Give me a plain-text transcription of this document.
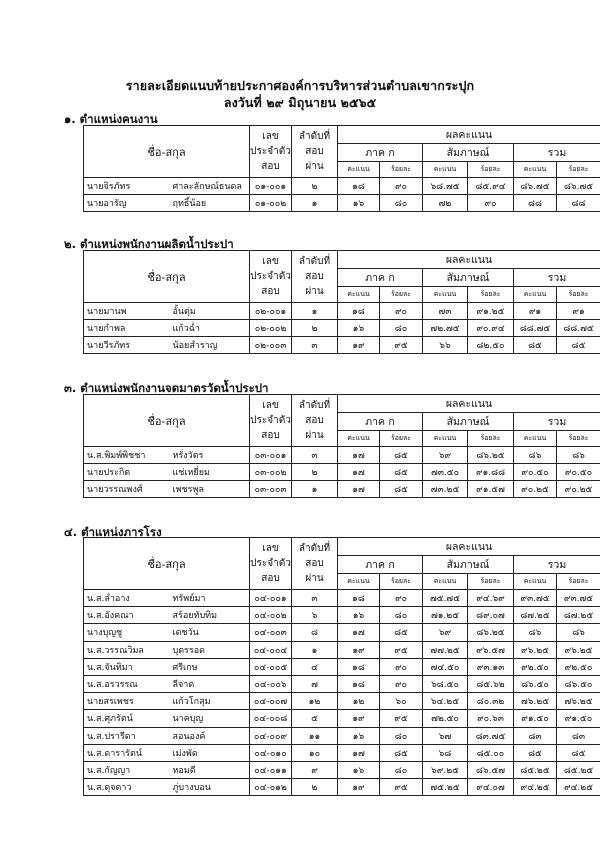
รายละเอียดแนบท้ายประกาศองค์การบริหารส่วนตำบลเขากระปุก
ลงวันที่ ๒๙ มิถุนายน ๒๕๖๕
๑. ตำแหน่งคนงาน
ชื่อ-สกุล		เลข
ประจำตัว
สอบ	ลำดับที่
สอบ
ผ่าน	ผลคะแนน					
				ภาค ก		สัมภาษณ์		รวม	
				คะแนน	ร้อยละ	คะแนน	ร้อยละ	คะแนน	ร้อยละ
นายจิรภัทร	ศาละลักษณ์ธนดล	๐๑-๐๐๑	๒	๑๘	๙๐	๖๘.๗๕	๘๕.๙๔	๘๖.๗๕	๘๖.๗๕
นายอารัญ	ฤทธิ์น้อย	๐๑-๐๐๒	๑	๑๖	๘๐	๗๒	๙๐	๘๘	๘๘
๒. ตำแหน่งพนักงานผลิตน้ำประปา
ชื่อ-สกุล		เลข
ประจำตัว
สอบ	ลำดับที่
สอบ
ผ่าน	ผลคะแนน					
				ภาค ก		สัมภาษณ์		รวม	
				คะแนน	ร้อยละ	คะแนน	ร้อยละ	คะแนน	ร้อยละ
นายมานพ	อั้นตุ่ม	๐๒-๐๐๑	๑	๑๘	๙๐	๗๓	๙๑.๒๕	๙๑	๙๑
นายกำพล	แก้วฉ่ำ	๐๒-๐๐๒	๒	๑๖	๘๐	๗๒.๗๕	๙๐.๙๔	๘๘.๗๕	๘๘.๗๕
นายวีรภัทร	น้อยสำราญ	๐๒-๐๐๓	๓	๑๙	๙๕	๖๖	๘๒.๕๐	๘๕	๘๕
๓. ตำแหน่งพนักงานจดมาตรวัดน้ำประปา
ชื่อ-สกุล		เลข
ประจำตัว
สอบ	ลำดับที่
สอบ
ผ่าน	ผลคะแนน					
				ภาค ก		สัมภาษณ์		รวม	
				คะแนน	ร้อยละ	คะแนน	ร้อยละ	คะแนน	ร้อยละ
น.ส.พิมพ์พิชชา	หรั่งวัตร	๐๓-๐๐๑	๓	๑๗	๘๕	๖๙	๘๖.๒๕	๘๖	๘๖
นายประกิต	แช่เหยี่ยม	๐๓-๐๐๒	๒	๑๗	๘๕	๗๓.๕๐	๙๑.๘๘	๙๐.๕๐	๙๐.๕๐
นายวรรณพงศ์	เพชรพูล	๐๓-๐๐๓	๑	๑๗	๘๕	๗๓.๒๕	๙๑.๕๗	๙๐.๒๕	๙๐.๒๕
๔. ตำแหน่งภารโรง
ชื่อ-สกุล		เลข
ประจำตัว
สอบ	ลำดับที่
สอบ
ผ่าน	ผลคะแนน					
				ภาค ก		สัมภาษณ์		รวม	
				คะแนน	ร้อยละ	คะแนน	ร้อยละ	คะแนน	ร้อยละ
น.ส.ลำอาง	ทรัพย์มา	๐๔-๐๐๑	๓	๑๘	๙๐	๗๕.๗๕	๙๔.๖๙	๙๓.๗๕	๙๓.๗๕
น.ส.อังคณา	สร้อยทับทิม	๐๔-๐๐๒	๖	๑๖	๘๐	๗๑.๒๕	๘๙.๐๗	๘๗.๒๕	๘๗.๒๕
นางบุญชู	เดชวัน	๐๔-๐๐๓	๘	๑๗	๘๕	๖๙	๘๖.๒๕	๘๖	๘๖
น.ส.วรรณวิมล	บุตรรอด	๐๔-๐๐๔	๑	๑๙	๙๕	๗๗.๒๕	๙๖.๕๗	๙๖.๒๕	๙๖.๒๕
น.ส.จันทิมา	ศรีเกษ	๐๔-๐๐๕	๔	๑๘	๙๐	๗๔.๕๐	๙๓.๑๓	๙๒.๕๐	๙๒.๕๐
น.ส.อรวรรณ	ลีจาด	๐๔-๐๐๖	๗	๑๘	๙๐	๖๘.๕๐	๘๕.๖๒	๘๖.๕๐	๘๖.๕๐
นายสรเพชร	แก้วโกสุม	๐๔-๐๐๗	๑๒	๑๒	๖๐	๖๔.๒๕	๘๐.๓๒	๗๖.๒๕	๗๖.๒๕
น.ส.ศุภรัตน์	นาคบุญ	๐๔-๐๐๘	๕	๑๙	๙๕	๗๒.๕๐	๙๐.๖๓	๙๑.๕๐	๙๑.๕๐
น.ส.ปรารีดา	สอนองค์	๐๔-๐๐๙	๑๑	๑๖	๘๐	๖๗	๘๓.๗๕	๘๓	๘๓
น.ส.ดารารัตน์	เม่งพัด	๐๔-๐๑๐	๑๐	๑๗	๘๕	๖๘	๘๕.๐๐	๘๕	๘๕
น.ส.กัญญา	หอมดี	๐๔-๐๑๑	๙	๑๖	๘๐	๖๙.๒๕	๘๖.๕๗	๘๕.๒๕	๘๕.๒๕
น.ส.ดุจดาว	ภู่บางบอน	๐๔-๐๑๒	๒	๑๙	๙๕	๗๕.๒๕	๙๔.๐๗	๙๔.๒๕	๙๔.๒๕
